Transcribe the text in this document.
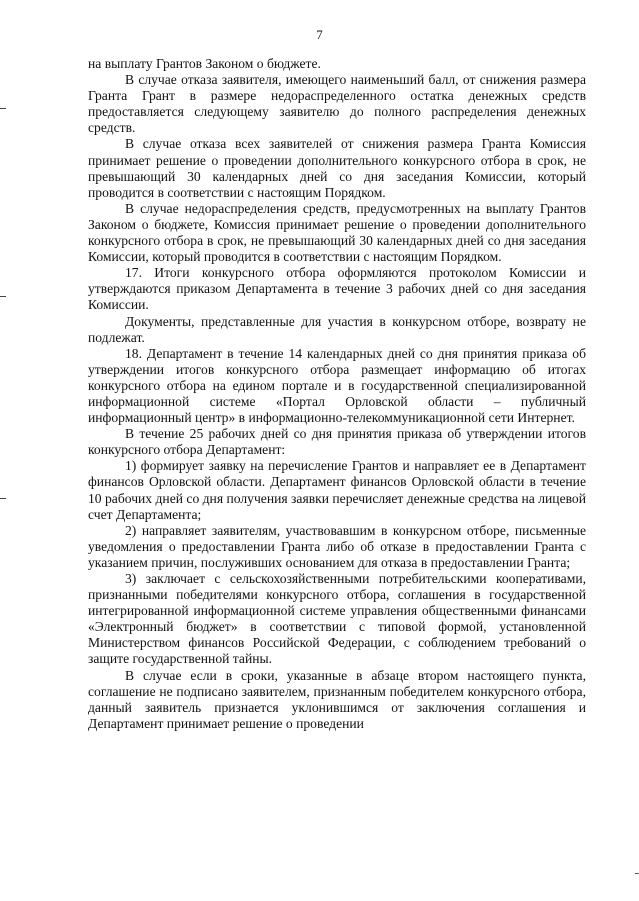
7

на выплату Грантов Законом о бюджете.

В случае отказа заявителя, имеющего наименьший балл, от снижения размера Гранта Грант в размере недораспределенного остатка денежных средств предоставляется следующему заявителю до полного распределения денежных средств.

В случае отказа всех заявителей от снижения размера Гранта Комиссия принимает решение о проведении дополнительного конкурсного отбора в срок, не превышающий 30 календарных дней со дня заседания Комиссии, который проводится в соответствии с настоящим Порядком.

В случае недораспределения средств, предусмотренных на выплату Грантов Законом о бюджете, Комиссия принимает решение о проведении дополнительного конкурсного отбора в срок, не превышающий 30 календарных дней со дня заседания Комиссии, который проводится в соответствии с настоящим Порядком.

17. Итоги конкурсного отбора оформляются протоколом Комиссии и утверждаются приказом Департамента в течение 3 рабочих дней со дня заседания Комиссии.

Документы, представленные для участия в конкурсном отборе, возврату не подлежат.

18. Департамент в течение 14 календарных дней со дня принятия приказа об утверждении итогов конкурсного отбора размещает информацию об итогах конкурсного отбора на едином портале и в государственной специализированной информационной системе «Портал Орловской области – публичный информационный центр» в информационно-телекоммуникационной сети Интернет.

В течение 25 рабочих дней со дня принятия приказа об утверждении итогов конкурсного отбора Департамент:

1) формирует заявку на перечисление Грантов и направляет ее в Департамент финансов Орловской области. Департамент финансов Орловской области в течение 10 рабочих дней со дня получения заявки перечисляет денежные средства на лицевой счет Департамента;

2) направляет заявителям, участвовавшим в конкурсном отборе, письменные уведомления о предоставлении Гранта либо об отказе в предоставлении Гранта с указанием причин, послуживших основанием для отказа в предоставлении Гранта;

3) заключает с сельскохозяйственными потребительскими кооперативами, признанными победителями конкурсного отбора, соглашения в государственной интегрированной информационной системе управления общественными финансами «Электронный бюджет» в соответствии с типовой формой, установленной Министерством финансов Российской Федерации, с соблюдением требований о защите государственной тайны.

В случае если в сроки, указанные в абзаце втором настоящего пункта, соглашение не подписано заявителем, признанным победителем конкурсного отбора, данный заявитель признается уклонившимся от заключения соглашения и Департамент принимает решение о проведении
